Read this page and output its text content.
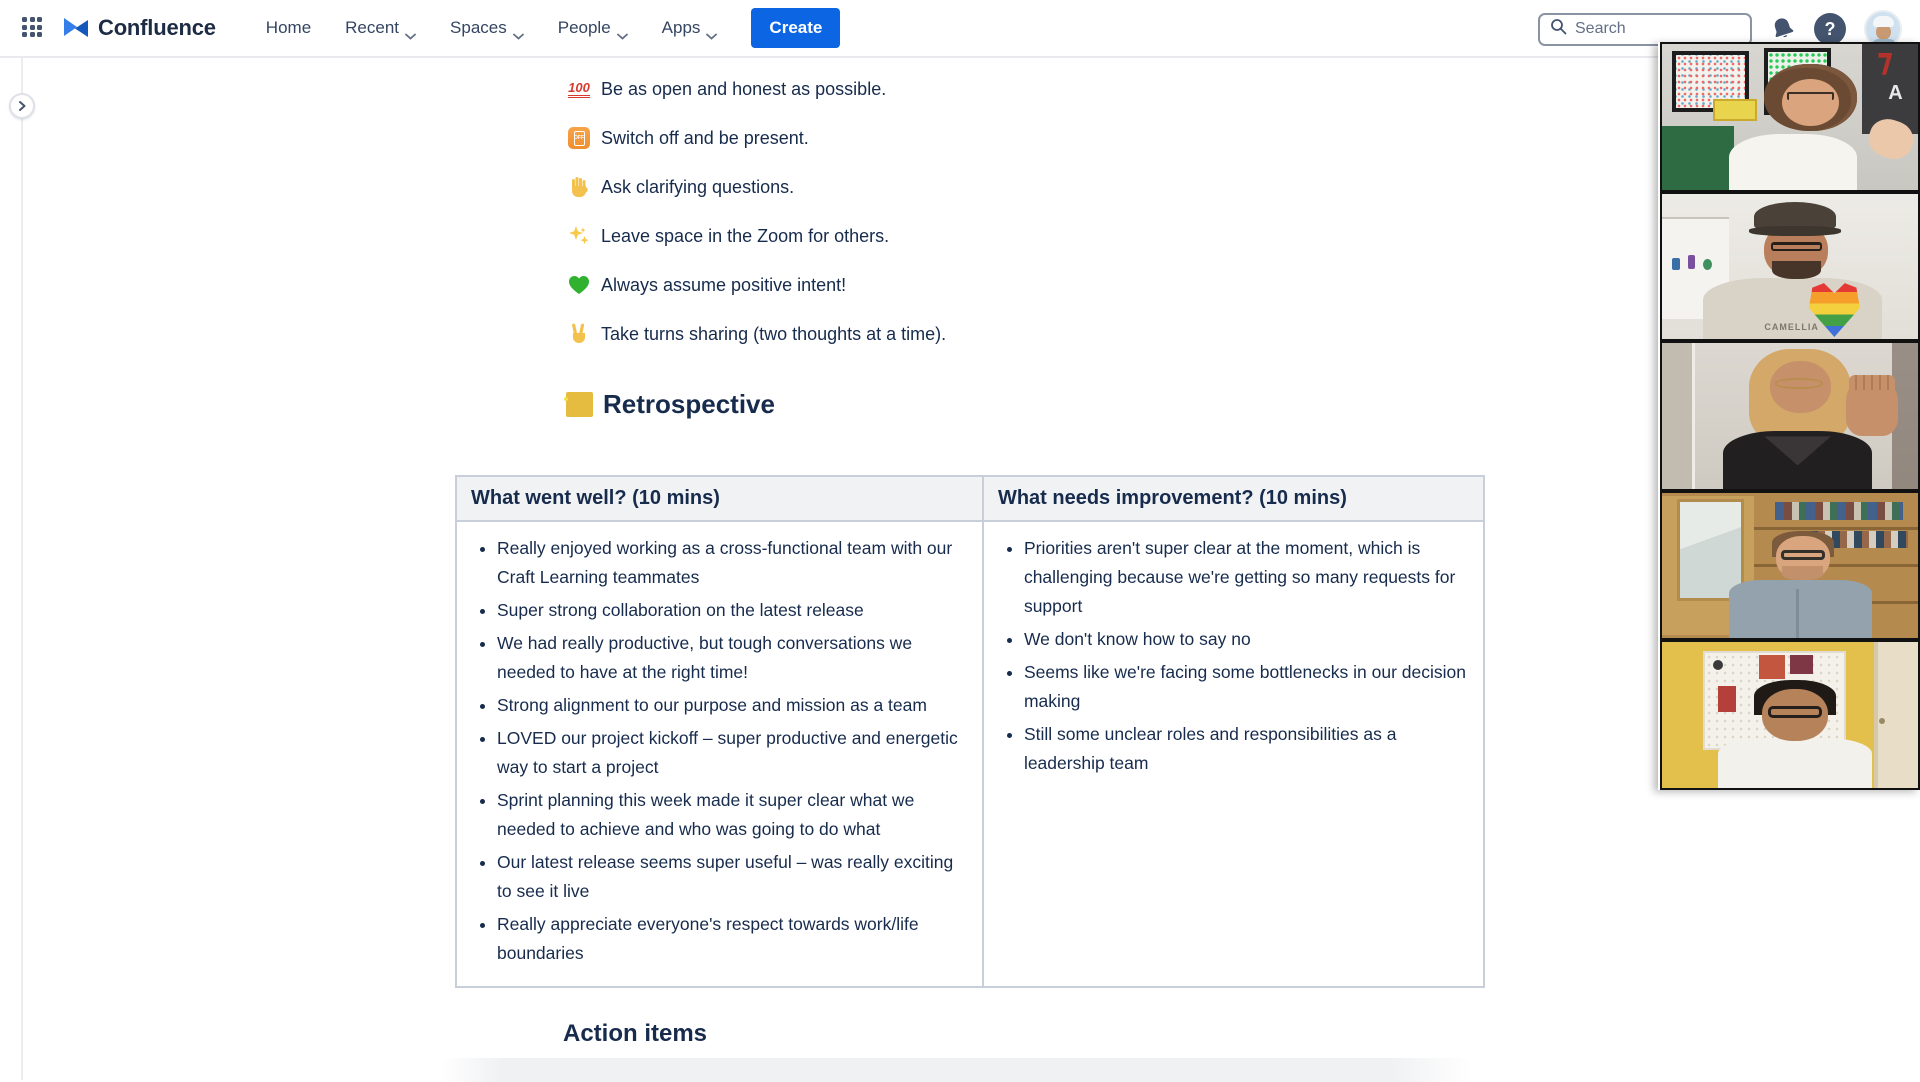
Confluence	Home Recent	Spaces	People	Apps	Create
Search	?
100 Be as open and honest as possible.
OFF Switch off and be present.
Ask clarifying questions.
Leave space in the Zoom for others.
Always assume positive intent!
Take turns sharing (two thoughts at a time).
Retrospective
What went well? (10 mins)	What needs improvement? (10 mins)

• Really enjoyed working as a cross-functional team with our Craft Learning teammates
• Super strong collaboration on the latest release
• We had really productive, but tough conversations we needed to have at the right time!
• Strong alignment to our purpose and mission as a team
• LOVED our project kickoff – super productive and energetic way to start a project
• Sprint planning this week made it super clear what we needed to achieve and who was going to do what
• Our latest release seems super useful – was really exciting to see it live
• Really appreciate everyone's respect towards work/life boundaries

• Priorities aren't super clear at the moment, which is challenging because we're getting so many requests for support
• We don't know how to say no
• Seems like we're facing some bottlenecks in our decision making
• Still some unclear roles and responsibilities as a leadership team
Action items
A
CAMELLIA
